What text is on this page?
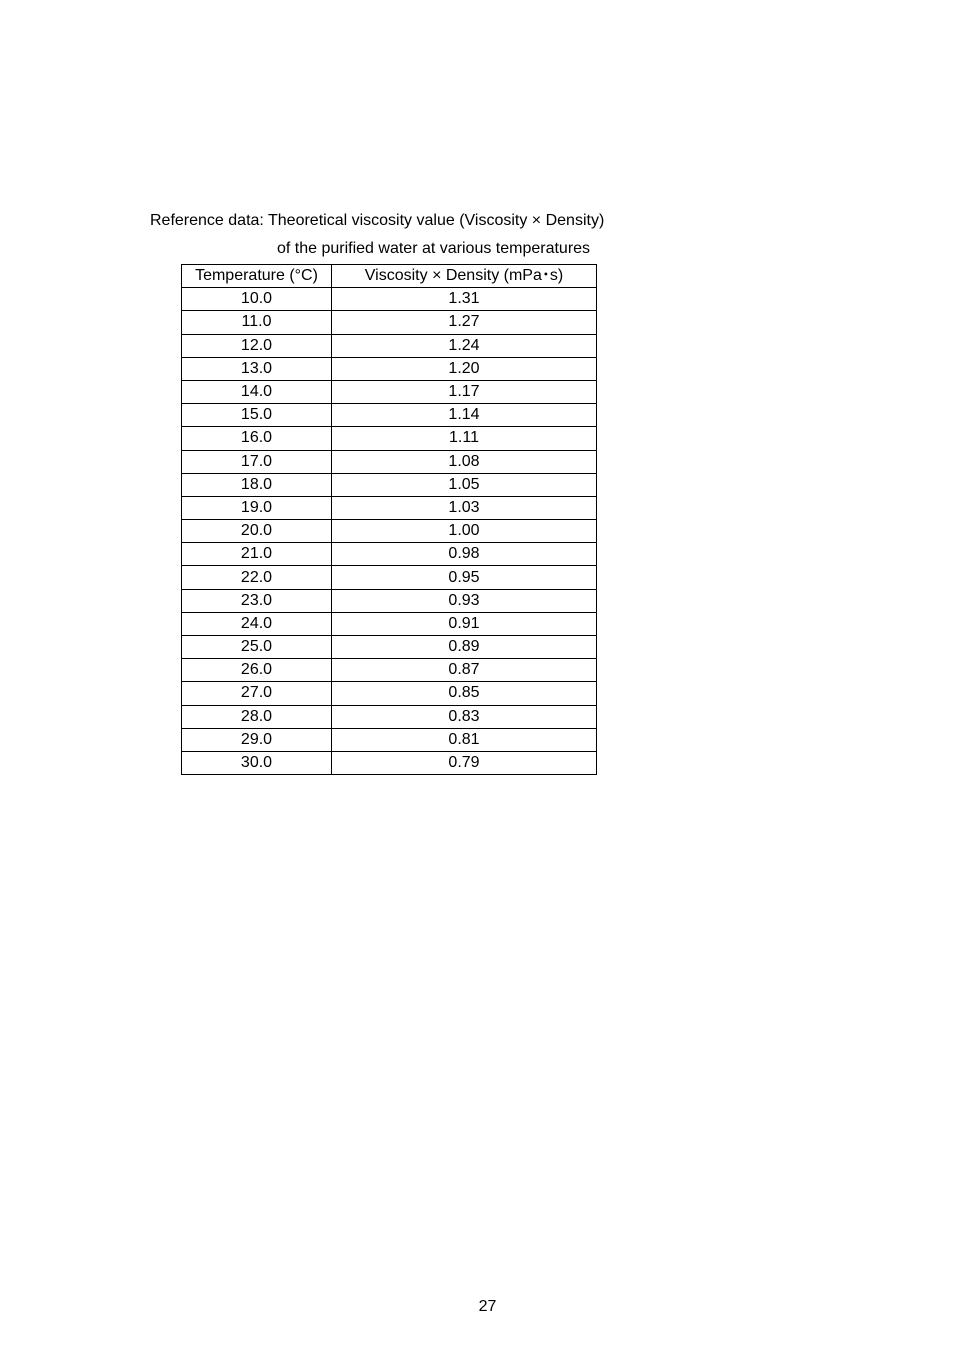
Reference data: Theoretical viscosity value (Viscosity × Density)
of the purified water at various temperatures
Temperature (°C)	Viscosity × Density (mPa･s)
10.0	1.31
11.0	1.27
12.0	1.24
13.0	1.20
14.0	1.17
15.0	1.14
16.0	1.11
17.0	1.08
18.0	1.05
19.0	1.03
20.0	1.00
21.0	0.98
22.0	0.95
23.0	0.93
24.0	0.91
25.0	0.89
26.0	0.87
27.0	0.85
28.0	0.83
29.0	0.81
30.0	0.79
27
